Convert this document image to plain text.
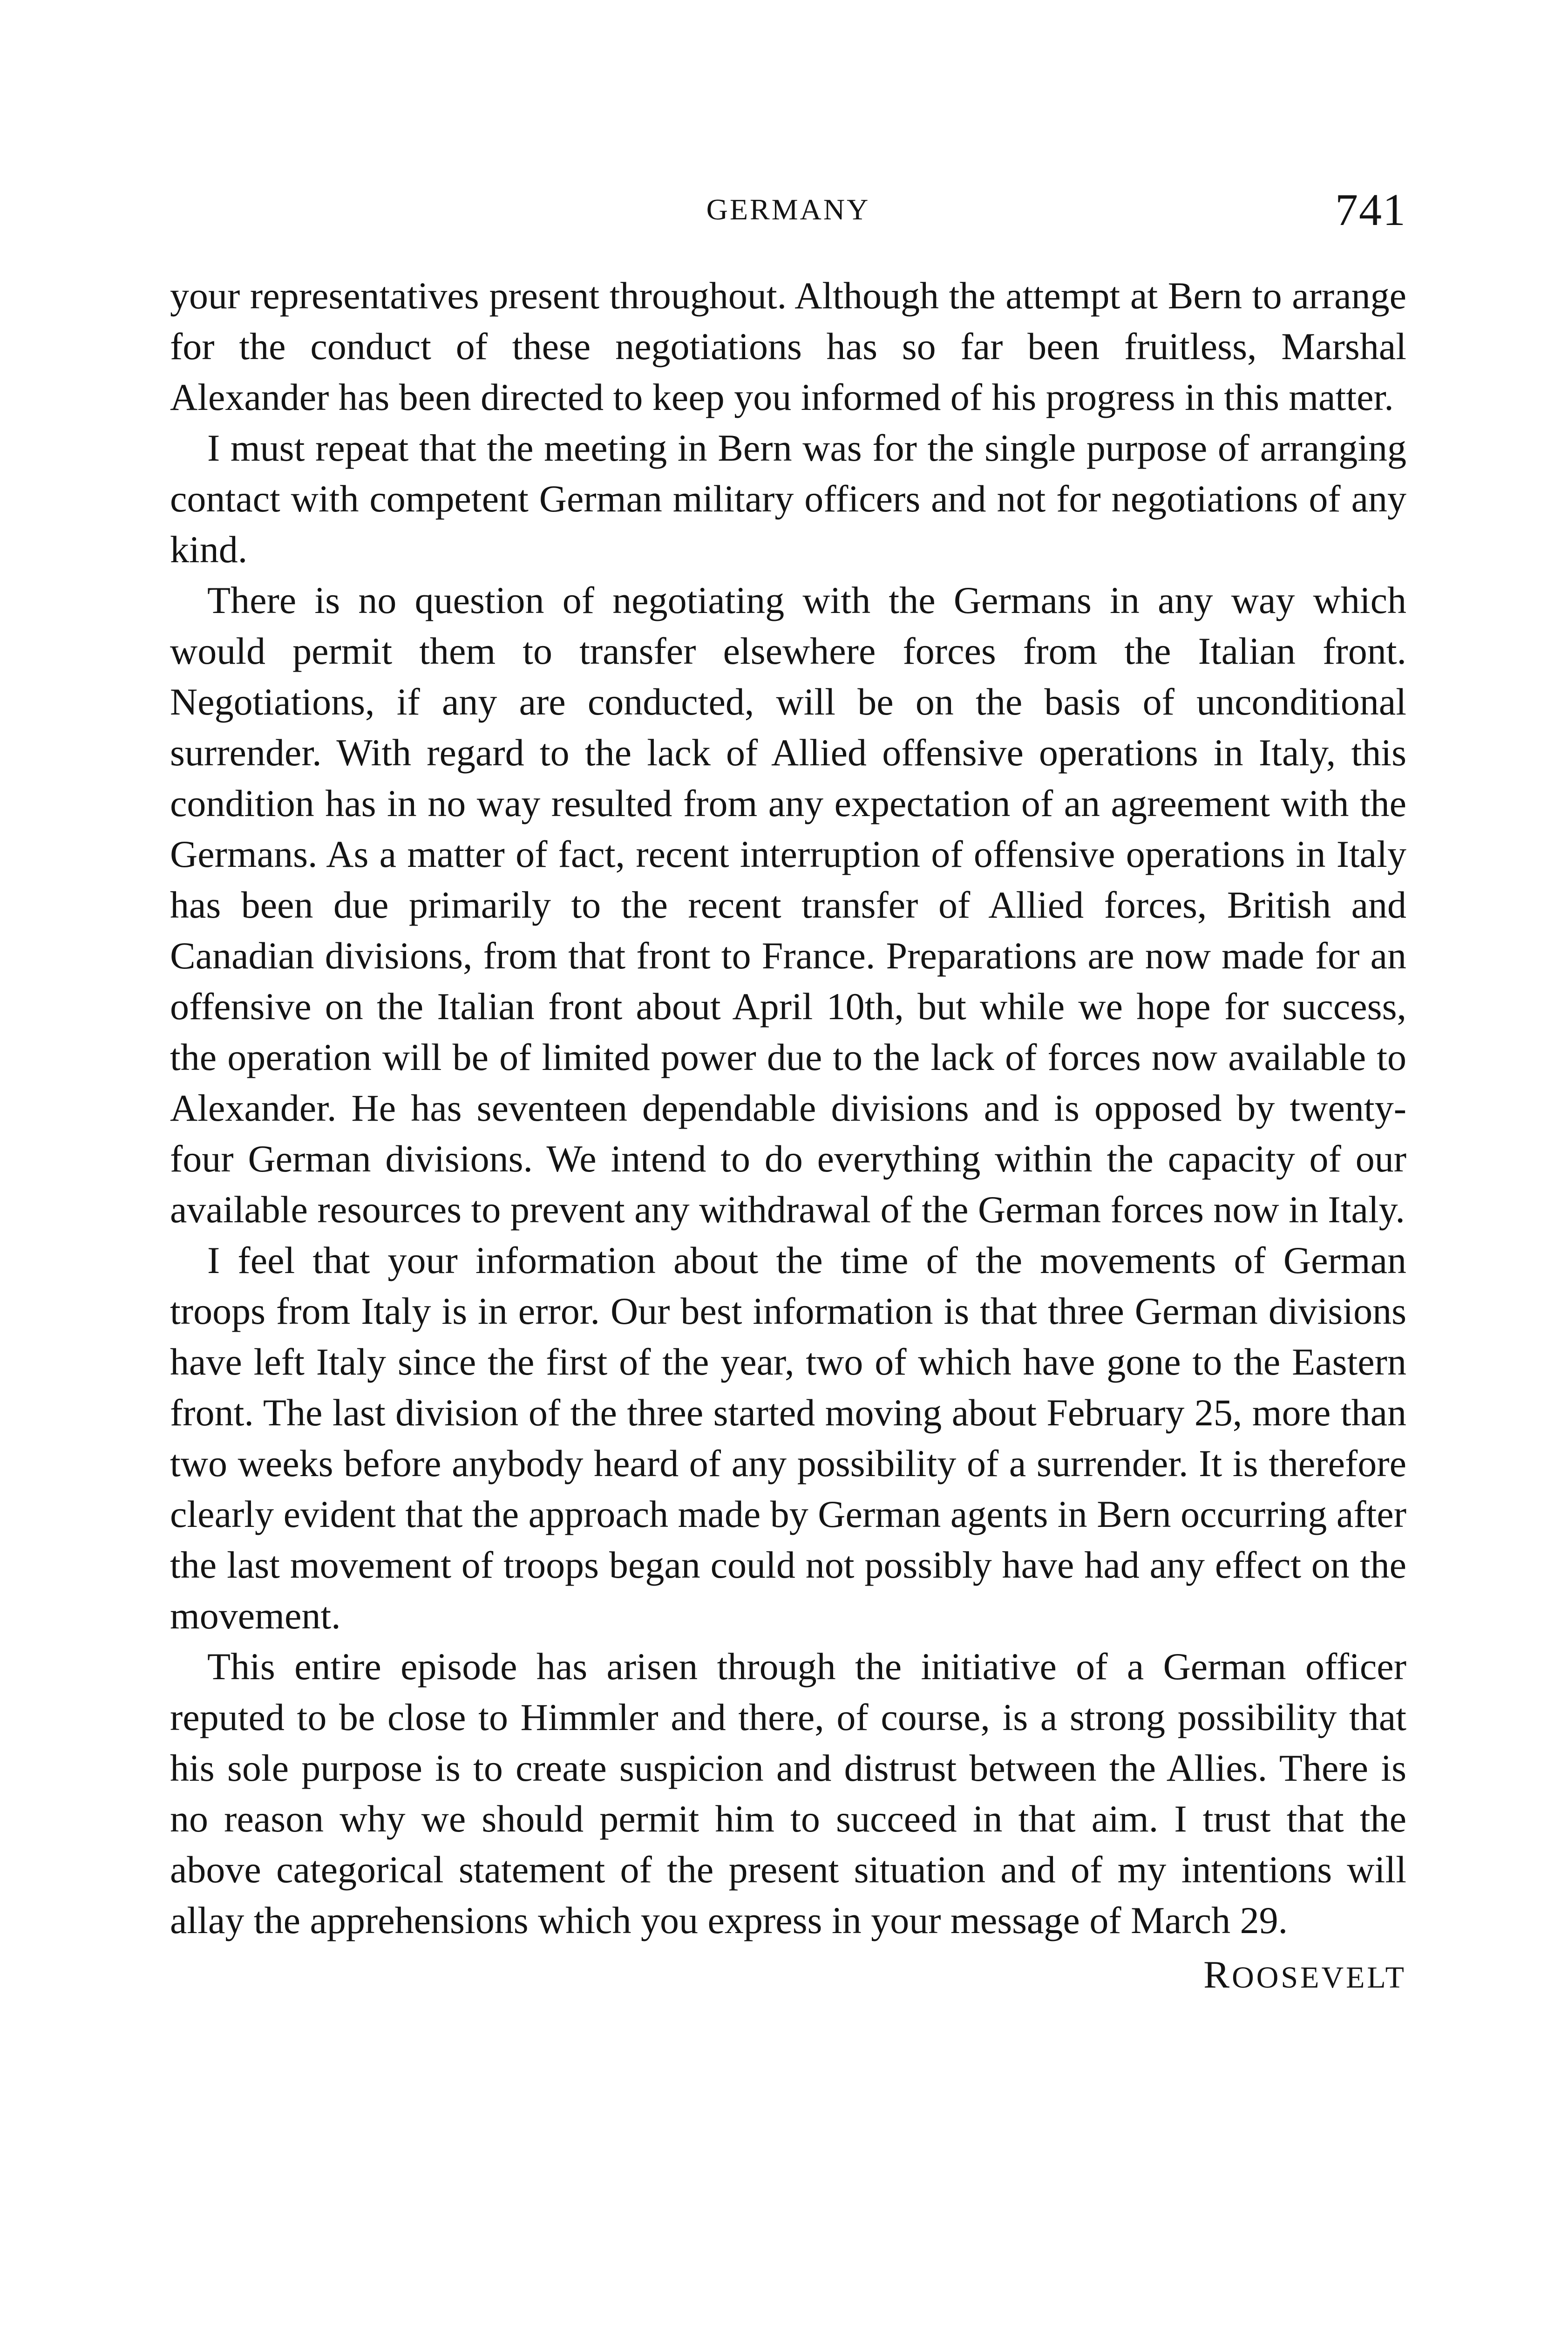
GERMANY	741

your representatives present throughout. Although the attempt at Bern to arrange for the conduct of these negotiations has so far been fruitless, Marshal Alexander has been directed to keep you informed of his progress in this matter.

I must repeat that the meeting in Bern was for the single purpose of arranging contact with competent German military officers and not for negotiations of any kind.

There is no question of negotiating with the Germans in any way which would permit them to transfer elsewhere forces from the Italian front. Negotiations, if any are conducted, will be on the basis of unconditional surrender. With regard to the lack of Allied offensive operations in Italy, this condition has in no way resulted from any expectation of an agreement with the Germans. As a matter of fact, recent interruption of offensive operations in Italy has been due primarily to the recent transfer of Allied forces, British and Canadian divisions, from that front to France. Preparations are now made for an offensive on the Italian front about April 10th, but while we hope for success, the operation will be of limited power due to the lack of forces now available to Alexander. He has seventeen dependable divisions and is opposed by twenty-four German divisions. We intend to do everything within the capacity of our available resources to prevent any withdrawal of the German forces now in Italy.

I feel that your information about the time of the movements of German troops from Italy is in error. Our best information is that three German divisions have left Italy since the first of the year, two of which have gone to the Eastern front. The last division of the three started moving about February 25, more than two weeks before anybody heard of any possibility of a surrender. It is therefore clearly evident that the approach made by German agents in Bern occurring after the last movement of troops began could not possibly have had any effect on the movement.

This entire episode has arisen through the initiative of a German officer reputed to be close to Himmler and there, of course, is a strong possibility that his sole purpose is to create suspicion and distrust between the Allies. There is no reason why we should permit him to succeed in that aim. I trust that the above categorical statement of the present situation and of my intentions will allay the apprehensions which you express in your message of March 29.

ROOSEVELT
